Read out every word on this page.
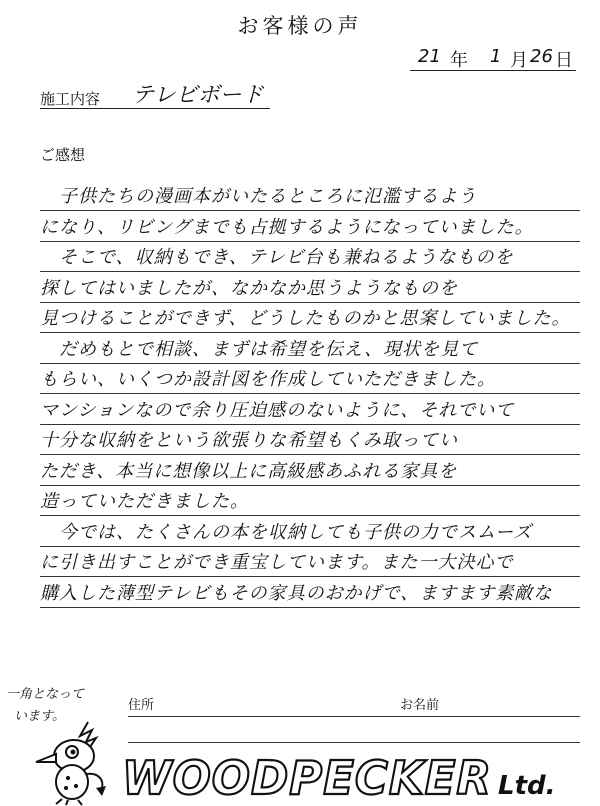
お客様の声
21 年 1 月 26 日
施工内容 テレビボード
ご感想
　子供たちの漫画本がいたるところに氾濫するよう
になり、リビングまでも占拠するようになっていました。
　そこで、収納もでき、テレビ台も兼ねるようなものを
探してはいましたが、なかなか思うようなものを
見つけることができず、どうしたものかと思案していました。
　だめもとで相談、まずは希望を伝え、現状を見て
もらい、いくつか設計図を作成していただきました。
マンションなので余り圧迫感のないように、それでいて
十分な収納をという欲張りな希望もくみ取ってい
ただき、本当に想像以上に高級感あふれる家具を
造っていただきました。
　今では、たくさんの本を収納しても子供の力でスムーズ
に引き出すことができ重宝しています。また一大決心で
購入した薄型テレビもその家具のおかげで、ますます素敵な
一角となって
います。
住所	お名前
WOODPECKER Ltd.
